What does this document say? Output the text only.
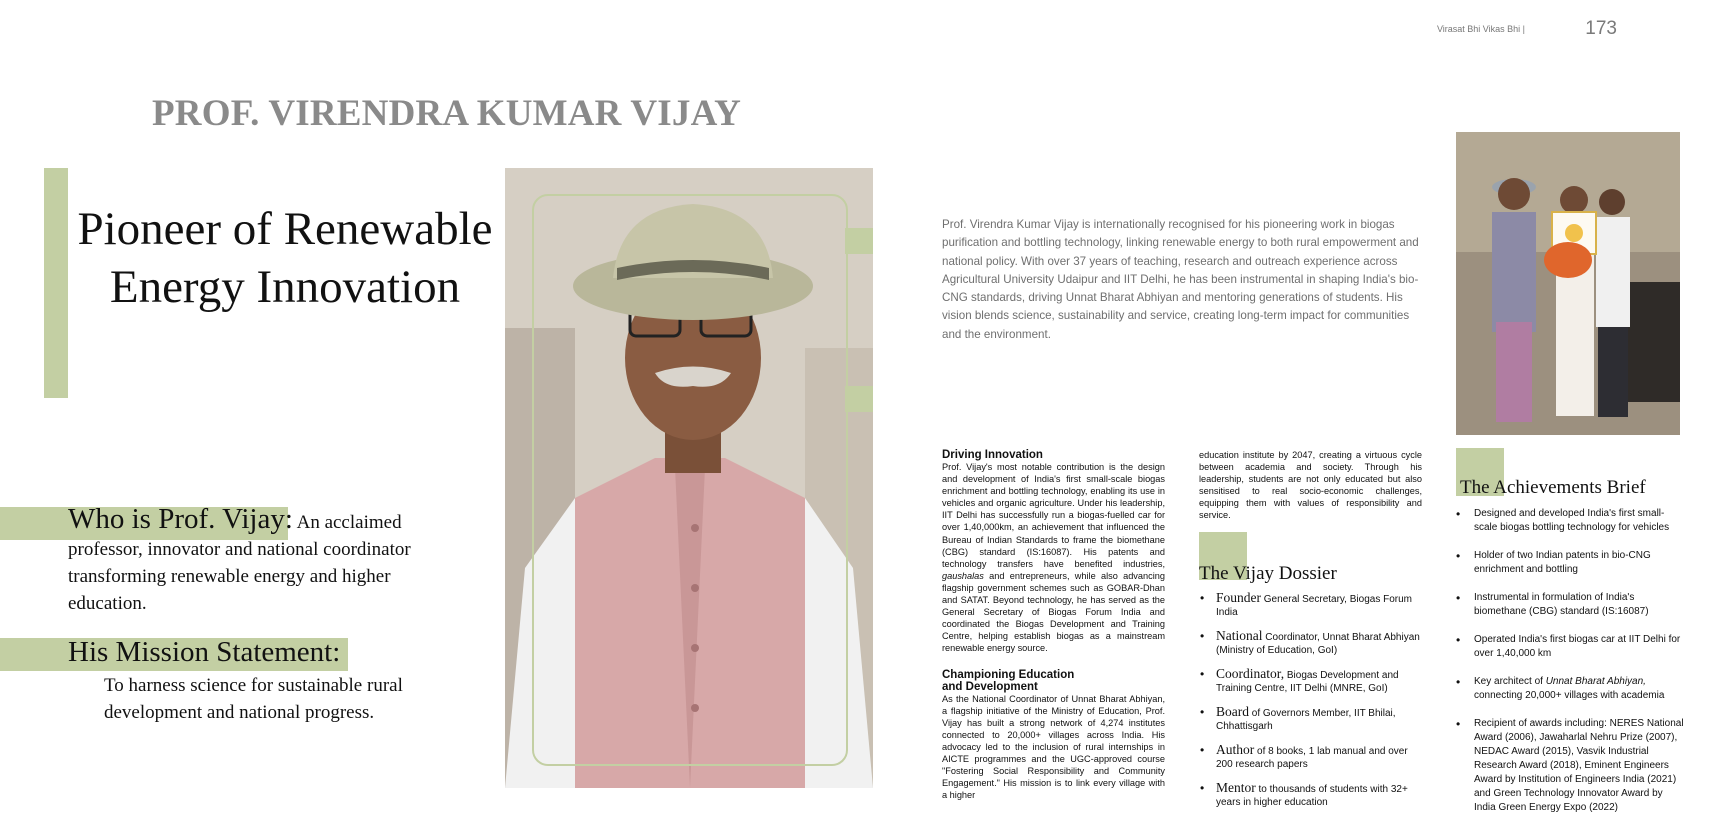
Virasat Bhi Vikas Bhi |	173
PROF. VIRENDRA KUMAR VIJAY
Pioneer of Renewable Energy Innovation
Who is Prof. Vijay: An acclaimed professor, innovator and national coordinator transforming renewable energy and higher education.
His Mission Statement:
To harness science for sustainable rural development and national progress.
Prof. Virendra Kumar Vijay is internationally recognised for his pioneering work in biogas purification and bottling technology, linking renewable energy to both rural empowerment and national policy. With over 37 years of teaching, research and outreach experience across Agricultural University Udaipur and IIT Delhi, he has been instrumental in shaping India's bio-CNG standards, driving Unnat Bharat Abhiyan and mentoring generations of students. His vision blends science, sustainability and service, creating long-term impact for communities and the environment.
Driving Innovation
Prof. Vijay's most notable contribution is the design and development of India's first small-scale biogas enrichment and bottling technology, enabling its use in vehicles and organic agriculture. Under his leadership, IIT Delhi has successfully run a biogas-fuelled car for over 1,40,000km, an achievement that influenced the Bureau of Indian Standards to frame the biomethane (CBG) standard (IS:16087). His patents and technology transfers have benefited industries, gaushalas and entrepreneurs, while also advancing flagship government schemes such as GOBAR-Dhan and SATAT. Beyond technology, he has served as the General Secretary of Biogas Forum India and coordinated the Biogas Development and Training Centre, helping establish biogas as a mainstream renewable energy source.
Championing Education
and Development
As the National Coordinator of Unnat Bharat Abhiyan, a flagship initiative of the Ministry of Education, Prof. Vijay has built a strong network of 4,274 institutes connected to 20,000+ villages across India. His advocacy led to the inclusion of rural internships in AICTE programmes and the UGC-approved course "Fostering Social Responsibility and Community Engagement." His mission is to link every village with a higher
education institute by 2047, creating a virtuous cycle between academia and society. Through his leadership, students are not only educated but also sensitised to real socio-economic challenges, equipping them with values of responsibility and service.
The Vijay Dossier
• Founder General Secretary, Biogas Forum India
• National Coordinator, Unnat Bharat Abhiyan (Ministry of Education, GoI)
• Coordinator, Biogas Development and Training Centre, IIT Delhi (MNRE, GoI)
• Board of Governors Member, IIT Bhilai, Chhattisgarh
• Author of 8 books, 1 lab manual and over 200 research papers
• Mentor to thousands of students with 32+ years in higher education
The Achievements Brief
• Designed and developed India's first small-scale biogas bottling technology for vehicles
• Holder of two Indian patents in bio-CNG enrichment and bottling
• Instrumental in formulation of India's biomethane (CBG) standard (IS:16087)
• Operated India's first biogas car at IIT Delhi for over 1,40,000 km
• Key architect of Unnat Bharat Abhiyan, connecting 20,000+ villages with academia
• Recipient of awards including: NERES National Award (2006), Jawaharlal Nehru Prize (2007), NEDAC Award (2015), Vasvik Industrial Research Award (2018), Eminent Engineers Award by Institution of Engineers India (2021) and Green Technology Innovator Award by India Green Energy Expo (2022)
